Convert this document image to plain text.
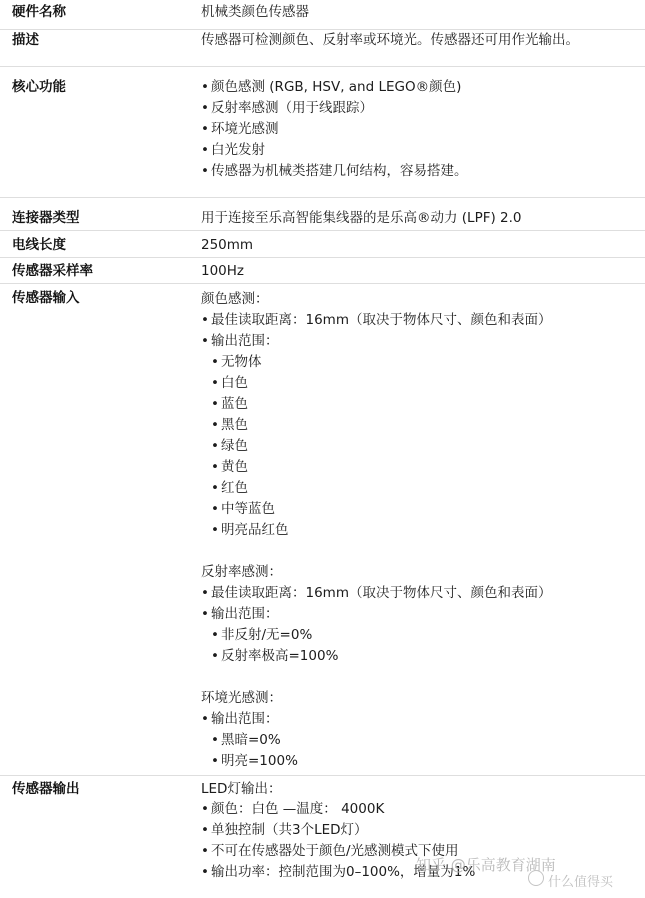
硬件名称	机械类颜色传感器
描述	传感器可检测颜色、反射率或环境光。传感器还可用作光输出。
核心功能	• 颜色感测 (RGB, HSV, and LEGO®颜色)
• 反射率感测（用于线跟踪）
• 环境光感测
• 白光发射
• 传感器为机械类搭建几何结构，容易搭建。
连接器类型	用于连接至乐高智能集线器的是乐高®动力 (LPF) 2.0
电线长度	250mm
传感器采样率	100Hz
传感器输入	颜色感测：
• 最佳读取距离：16mm（取决于物体尺寸、颜色和表面）
• 输出范围：
• 无物体
• 白色
• 蓝色
• 黑色
• 绿色
• 黄色
• 红色
• 中等蓝色
• 明亮品红色
反射率感测：
• 最佳读取距离：16mm（取决于物体尺寸、颜色和表面）
• 输出范围：
• 非反射/无=0%
• 反射率极高=100%
环境光感测：
• 输出范围：
• 黑暗=0%
• 明亮=100%
传感器输出	LED灯输出：
• 颜色：白色 —温度： 4000K
• 单独控制（共3个LED灯）
• 不可在传感器处于颜色/光感测模式下使用
• 输出功率：控制范围为0–100%，增量为1%
知乎 @乐高教育湖南
什么值得买
